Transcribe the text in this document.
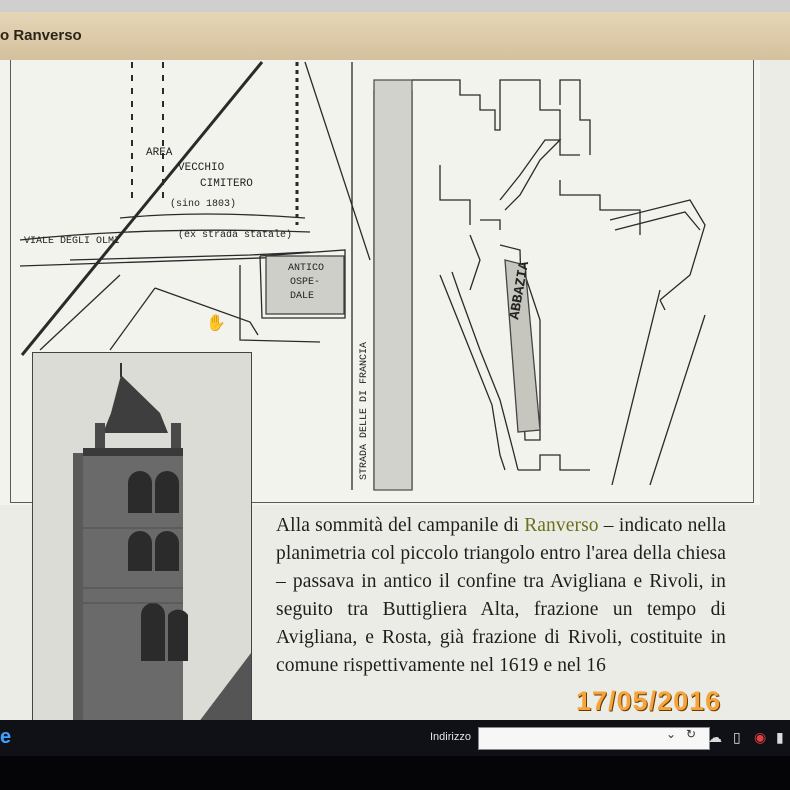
o Ranverso
AREA
VECCHIO
CIMITERO
(sino 1803)
VIALE DEGLI OLMI
(ex strada statale)
ANTICO
OSPE-
DALE
STRADA DELLE DI FRANCIA
ABBAZIA
✋

Alla sommità del campanile di Ranverso – indicato nella planimetria col piccolo triangolo entro l'area della chiesa – passava in antico il confine tra Avigliana e Rivoli, in seguito tra Buttigliera Alta, frazione un tempo di Avigliana, e Rosta, già frazione di Rivoli, costituite in comune rispettivamente nel 1619 e nel 16

17/05/2016
e	Indirizzo	⌄ ↻ ☁ ▯ ◉ ▮
